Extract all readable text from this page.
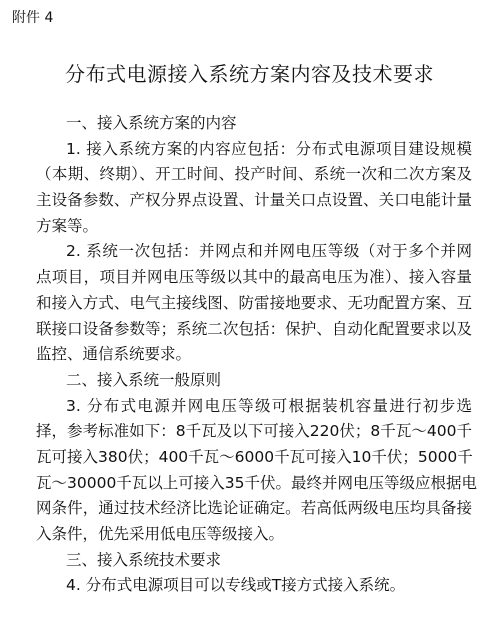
附件 4
分布式电源接入系统方案内容及技术要求
一、接入系统方案的内容
1. 接入系统方案的内容应包括：分布式电源项目建设规模
（本期、终期）、开工时间、投产时间、系统一次和二次方案及
主设备参数、产权分界点设置、计量关口点设置、关口电能计量
方案等。
2. 系统一次包括：并网点和并网电压等级（对于多个并网
点项目，项目并网电压等级以其中的最高电压为准）、接入容量
和接入方式、电气主接线图、防雷接地要求、无功配置方案、互
联接口设备参数等；系统二次包括：保护、自动化配置要求以及
监控、通信系统要求。
二、接入系统一般原则
3. 分布式电源并网电压等级可根据装机容量进行初步选
择，参考标准如下：8千瓦及以下可接入220伏；8千瓦～400千
瓦可接入380伏；400千瓦～6000千瓦可接入10千伏；5000千
瓦～30000千瓦以上可接入35千伏。最终并网电压等级应根据电
网条件，通过技术经济比选论证确定。若高低两级电压均具备接
入条件，优先采用低电压等级接入。
三、接入系统技术要求
4. 分布式电源项目可以专线或T接方式接入系统。
